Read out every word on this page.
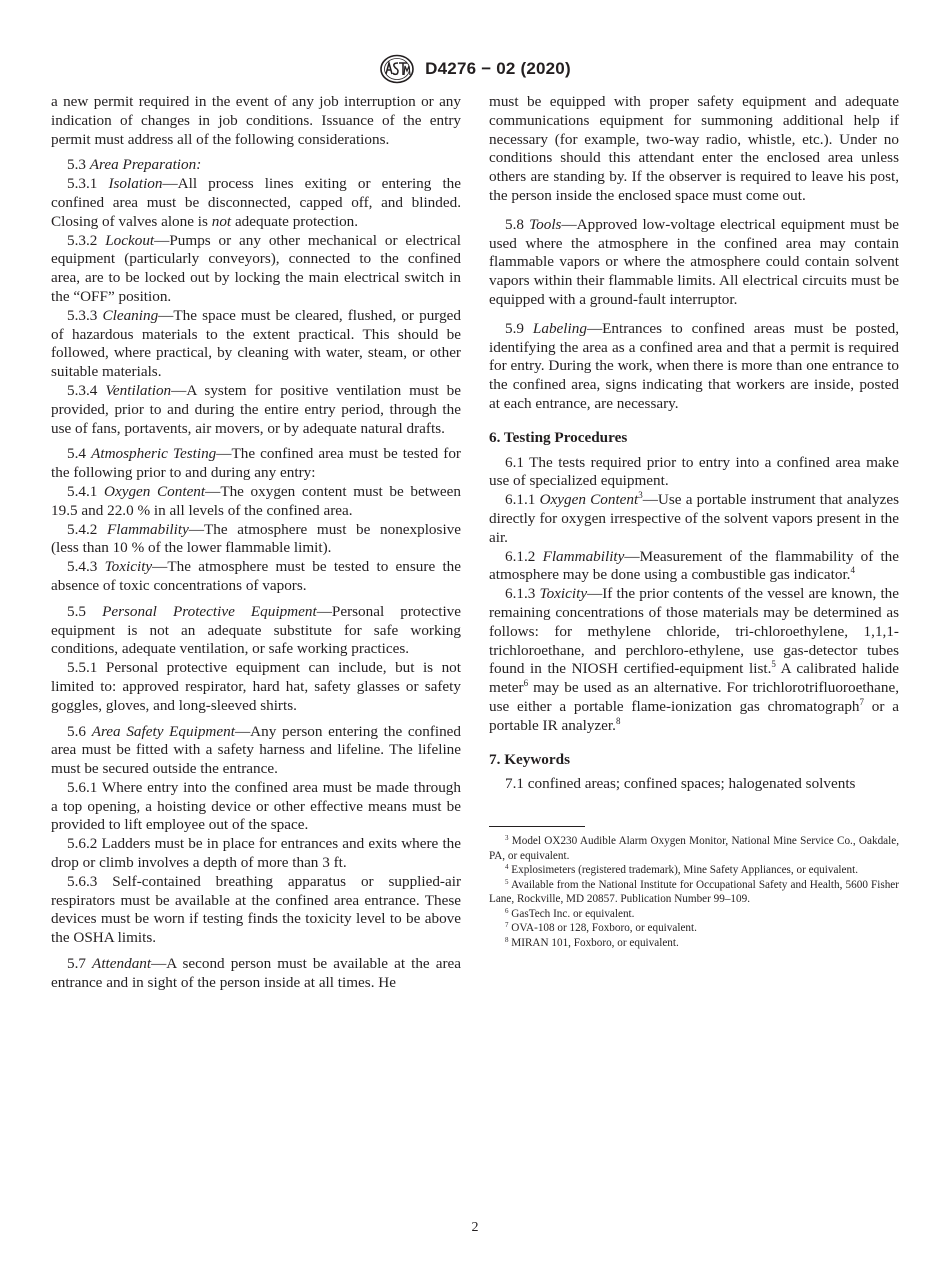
D4276 − 02 (2020)

a new permit required in the event of any job interruption or any indication of changes in job conditions. Issuance of the entry permit must address all of the following considerations.

5.3 Area Preparation:

5.3.1 Isolation—All process lines exiting or entering the confined area must be disconnected, capped off, and blinded. Closing of valves alone is not adequate protection.

5.3.2 Lockout—Pumps or any other mechanical or electrical equipment (particularly conveyors), connected to the confined area, are to be locked out by locking the main electrical switch in the “OFF” position.

5.3.3 Cleaning—The space must be cleared, flushed, or purged of hazardous materials to the extent practical. This should be followed, where practical, by cleaning with water, steam, or other suitable materials.

5.3.4 Ventilation—A system for positive ventilation must be provided, prior to and during the entire entry period, through the use of fans, portavents, air movers, or by adequate natural drafts.

5.4 Atmospheric Testing—The confined area must be tested for the following prior to and during any entry:

5.4.1 Oxygen Content—The oxygen content must be between 19.5 and 22.0 % in all levels of the confined area.

5.4.2 Flammability—The atmosphere must be nonexplosive (less than 10 % of the lower flammable limit).

5.4.3 Toxicity—The atmosphere must be tested to ensure the absence of toxic concentrations of vapors.

5.5 Personal Protective Equipment—Personal protective equipment is not an adequate substitute for safe working conditions, adequate ventilation, or safe working practices.

5.5.1 Personal protective equipment can include, but is not limited to: approved respirator, hard hat, safety glasses or safety goggles, gloves, and long-sleeved shirts.

5.6 Area Safety Equipment—Any person entering the confined area must be fitted with a safety harness and lifeline. The lifeline must be secured outside the entrance.

5.6.1 Where entry into the confined area must be made through a top opening, a hoisting device or other effective means must be provided to lift employee out of the space.

5.6.2 Ladders must be in place for entrances and exits where the drop or climb involves a depth of more than 3 ft.

5.6.3 Self-contained breathing apparatus or supplied-air respirators must be available at the confined area entrance. These devices must be worn if testing finds the toxicity level to be above the OSHA limits.

5.7 Attendant—A second person must be available at the area entrance and in sight of the person inside at all times. He

must be equipped with proper safety equipment and adequate communications equipment for summoning additional help if necessary (for example, two-way radio, whistle, etc.). Under no conditions should this attendant enter the enclosed area unless others are standing by. If the observer is required to leave his post, the person inside the enclosed space must come out.

5.8 Tools—Approved low-voltage electrical equipment must be used where the atmosphere in the confined area may contain flammable vapors or where the atmosphere could contain solvent vapors within their flammable limits. All electrical circuits must be equipped with a ground-fault interruptor.

5.9 Labeling—Entrances to confined areas must be posted, identifying the area as a confined area and that a permit is required for entry. During the work, when there is more than one entrance to the confined area, signs indicating that workers are inside, posted at each entrance, are necessary.

6. Testing Procedures

6.1 The tests required prior to entry into a confined area make use of specialized equipment.

6.1.1 Oxygen Content$^3$—Use a portable instrument that analyzes directly for oxygen irrespective of the solvent vapors present in the air.

6.1.2 Flammability—Measurement of the flammability of the atmosphere may be done using a combustible gas indicator.$^4$

6.1.3 Toxicity—If the prior contents of the vessel are known, the remaining concentrations of those materials may be determined as follows: for methylene chloride, tri-chloroethylene, 1,1,1-trichloroethane, and perchloro-ethylene, use gas-detector tubes found in the NIOSH certified-equipment list.$^5$ A calibrated halide meter$^6$ may be used as an alternative. For trichlorotrifluoroethane, use either a portable flame-ionization gas chromatograph$^7$ or a portable IR analyzer.$^8$

7. Keywords

7.1 confined areas; confined spaces; halogenated solvents

$^3$ Model OX230 Audible Alarm Oxygen Monitor, National Mine Service Co., Oakdale, PA, or equivalent.

$^4$ Explosimeters (registered trademark), Mine Safety Appliances, or equivalent.

$^5$ Available from the National Institute for Occupational Safety and Health, 5600 Fisher Lane, Rockville, MD 20857. Publication Number 99–109.

$^6$ GasTech Inc. or equivalent.

$^7$ OVA-108 or 128, Foxboro, or equivalent.

$^8$ MIRAN 101, Foxboro, or equivalent.

2
